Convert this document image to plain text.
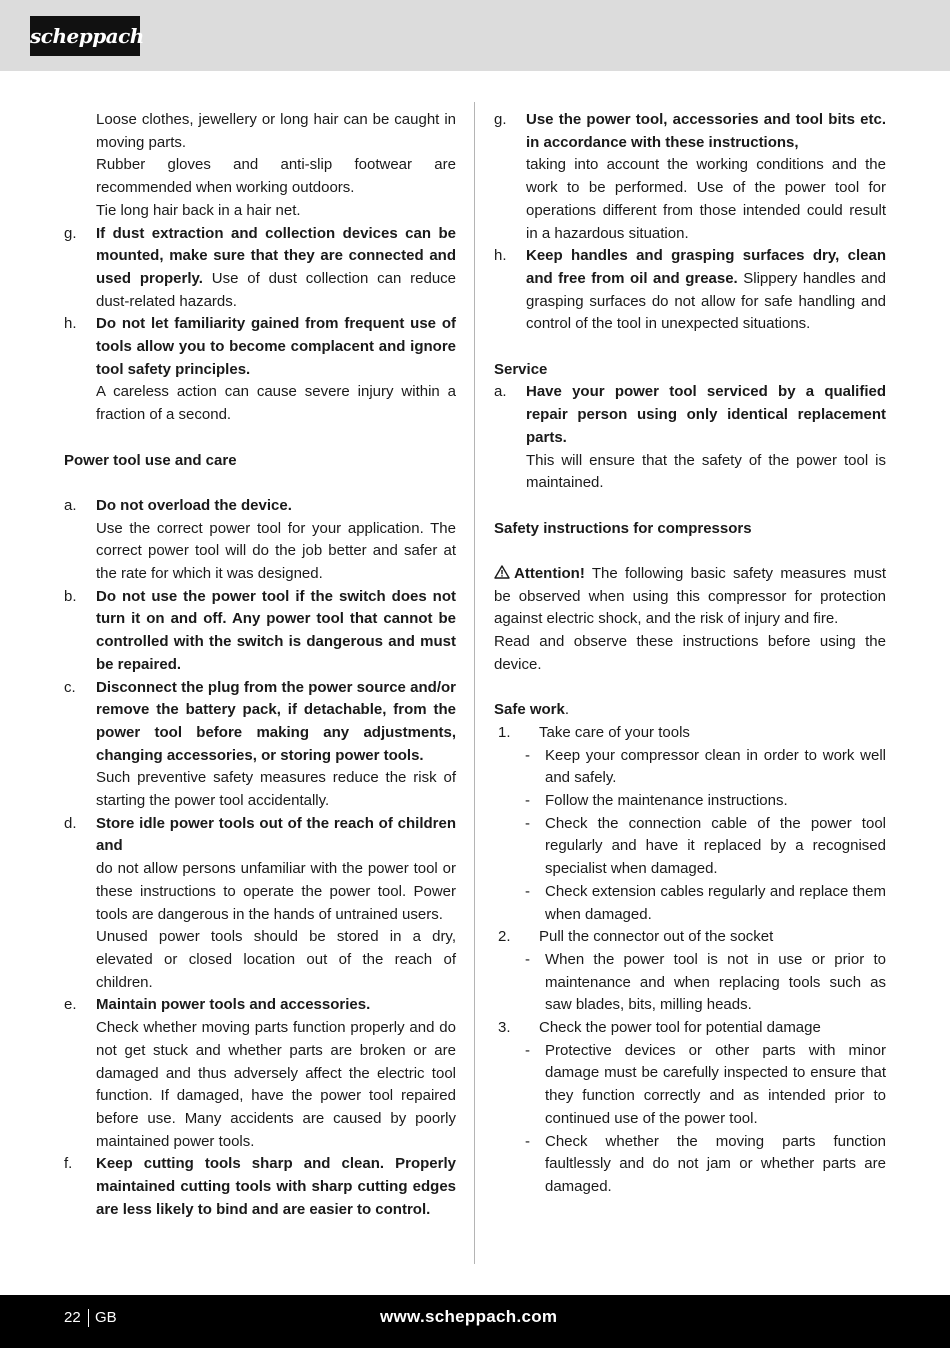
scheppach

Loose clothes, jewellery or long hair can be caught in moving parts.

Rubber gloves and anti-slip footwear are recommended when working outdoors.

Tie long hair back in a hair net.

g. If dust extraction and collection devices can be mounted, make sure that they are connected and used properly. Use of dust collection can reduce dust-related hazards.

h. Do not let familiarity gained from frequent use of tools allow you to become complacent and ignore tool safety principles.

A careless action can cause severe injury within a fraction of a second.

Power tool use and care

a. Do not overload the device.

Use the correct power tool for your application. The correct power tool will do the job better and safer at the rate for which it was designed.

b. Do not use the power tool if the switch does not turn it on and off. Any power tool that cannot be controlled with the switch is dangerous and must be repaired.

c. Disconnect the plug from the power source and/or remove the battery pack, if detachable, from the power tool before making any adjustments, changing accessories, or storing power tools.

Such preventive safety measures reduce the risk of starting the power tool accidentally.

d. Store idle power tools out of the reach of children and

do not allow persons unfamiliar with the power tool or these instructions to operate the power tool. Power tools are dangerous in the hands of untrained users.

Unused power tools should be stored in a dry, elevated or closed location out of the reach of children.

e. Maintain power tools and accessories.

Check whether moving parts function properly and do not get stuck and whether parts are broken or are damaged and thus adversely affect the electric tool function. If damaged, have the power tool repaired before use. Many accidents are caused by poorly maintained power tools.

f. Keep cutting tools sharp and clean. Properly maintained cutting tools with sharp cutting edges are less likely to bind and are easier to control.

g. Use the power tool, accessories and tool bits etc. in accordance with these instructions,

taking into account the working conditions and the work to be performed. Use of the power tool for operations different from those intended could result in a hazardous situation.

h. Keep handles and grasping surfaces dry, clean and free from oil and grease. Slippery handles and grasping surfaces do not allow for safe handling and control of the tool in unexpected situations.

Service

a. Have your power tool serviced by a qualified repair person using only identical replacement parts.

This will ensure that the safety of the power tool is maintained.

Safety instructions for compressors

Attention! The following basic safety measures must be observed when using this compressor for protection against electric shock, and the risk of injury and fire.

Read and observe these instructions before using the device.

Safe work.

1. Take care of your tools
- Keep your compressor clean in order to work well and safely.
- Follow the maintenance instructions.
- Check the connection cable of the power tool regularly and have it replaced by a recognised specialist when damaged.
- Check extension cables regularly and replace them when damaged.
2. Pull the connector out of the socket
- When the power tool is not in use or prior to maintenance and when replacing tools such as saw blades, bits, milling heads.
3. Check the power tool for potential damage
- Protective devices or other parts with minor damage must be carefully inspected to ensure that they function correctly and as intended prior to continued use of the power tool.
- Check whether the moving parts function faultlessly and do not jam or whether parts are damaged.
22 GB	www.scheppach.com
